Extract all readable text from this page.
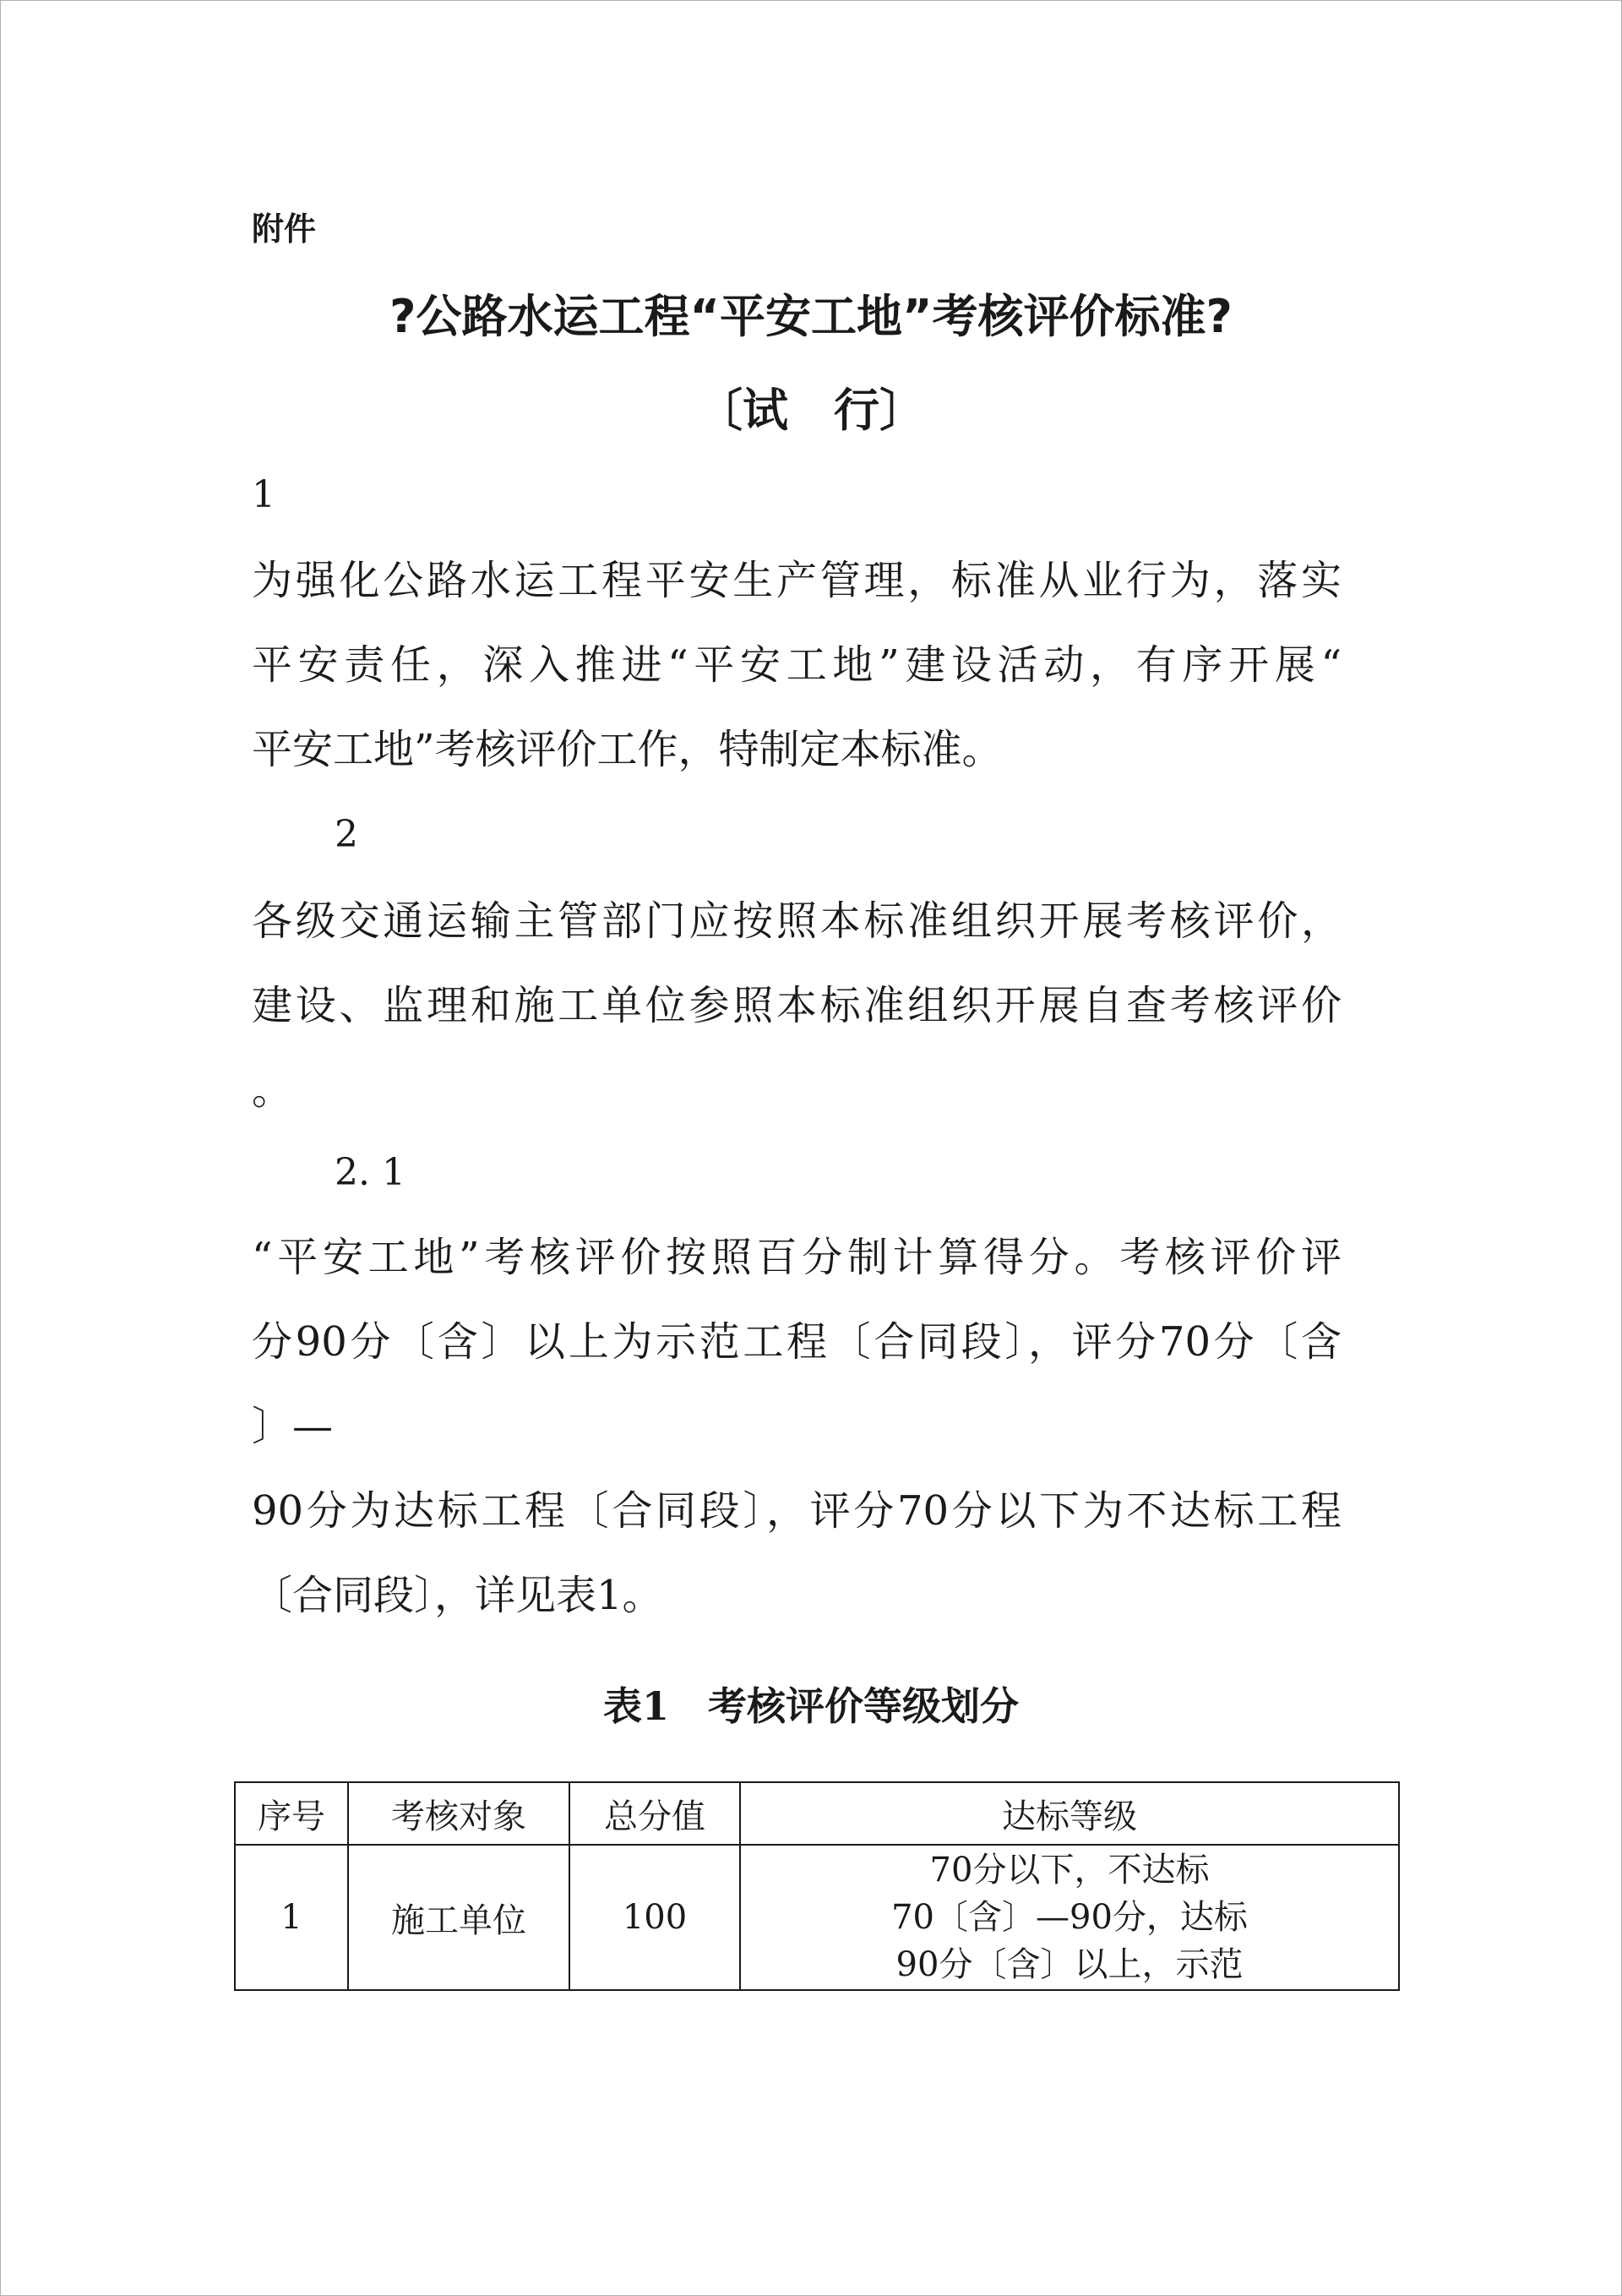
附件
?公路水运工程“平安工地”考核评价标准?
〔试　行〕
1
为强化公路水运工程平安生产管理，标准从业行为，落实
平安责任，深入推进“平安工地”建设活动，有序开展“
平安工地”考核评价工作，特制定本标准。
2
各级交通运输主管部门应按照本标准组织开展考核评价，
建设、监理和施工单位参照本标准组织开展自查考核评价
。
2. 1
“平安工地”考核评价按照百分制计算得分。考核评价评
分90分〔含〕以上为示范工程〔合同段〕，评分70分〔含
〕—
90分为达标工程〔合同段〕，评分70分以下为不达标工程
〔合同段〕，详见表1。
表1　考核评价等级划分
序号	考核对象	总分值	达标等级
1	施工单位	100	70分以下，不达标
70〔含〕—90分，达标
90分〔含〕以上，示范
